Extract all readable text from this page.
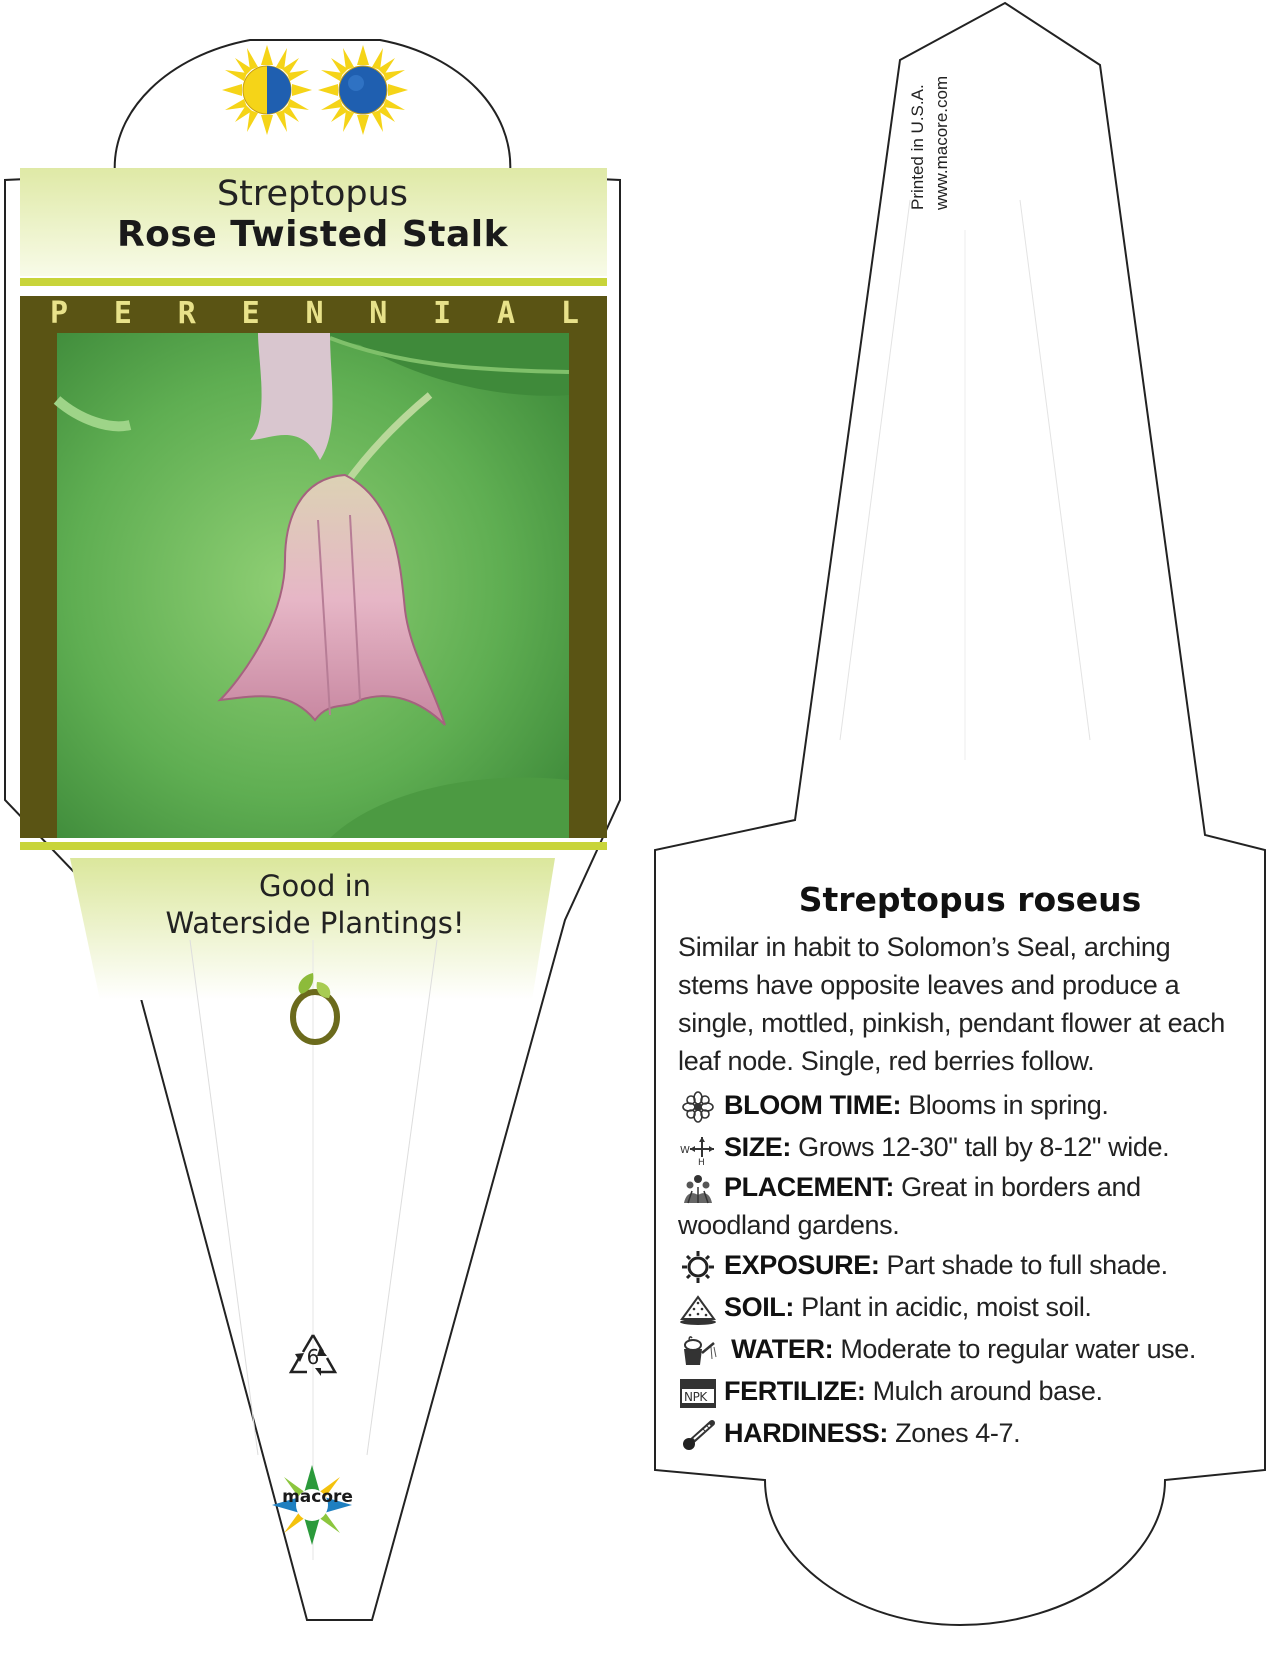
Streptopus
Rose Twisted Stalk
P E R E N N I A L
Good in
Waterside Plantings!
6
macore
Printed in U.S.A. www.macore.com
Streptopus roseus
Similar in habit to Solomon’s Seal, arching stems have opposite leaves and produce a single, mottled, pinkish, pendant flower at each leaf node. Single, red berries follow.
BLOOM TIME: Blooms in spring.
W
H
SIZE: Grows 12-30" tall by 8-12" wide.
PLACEMENT: Great in borders and woodland gardens.
EXPOSURE: Part shade to full shade.
SOIL: Plant in acidic, moist soil.
WATER: Moderate to regular water use.
NPK FERTILIZE: Mulch around base.
HARDINESS: Zones 4-7.
